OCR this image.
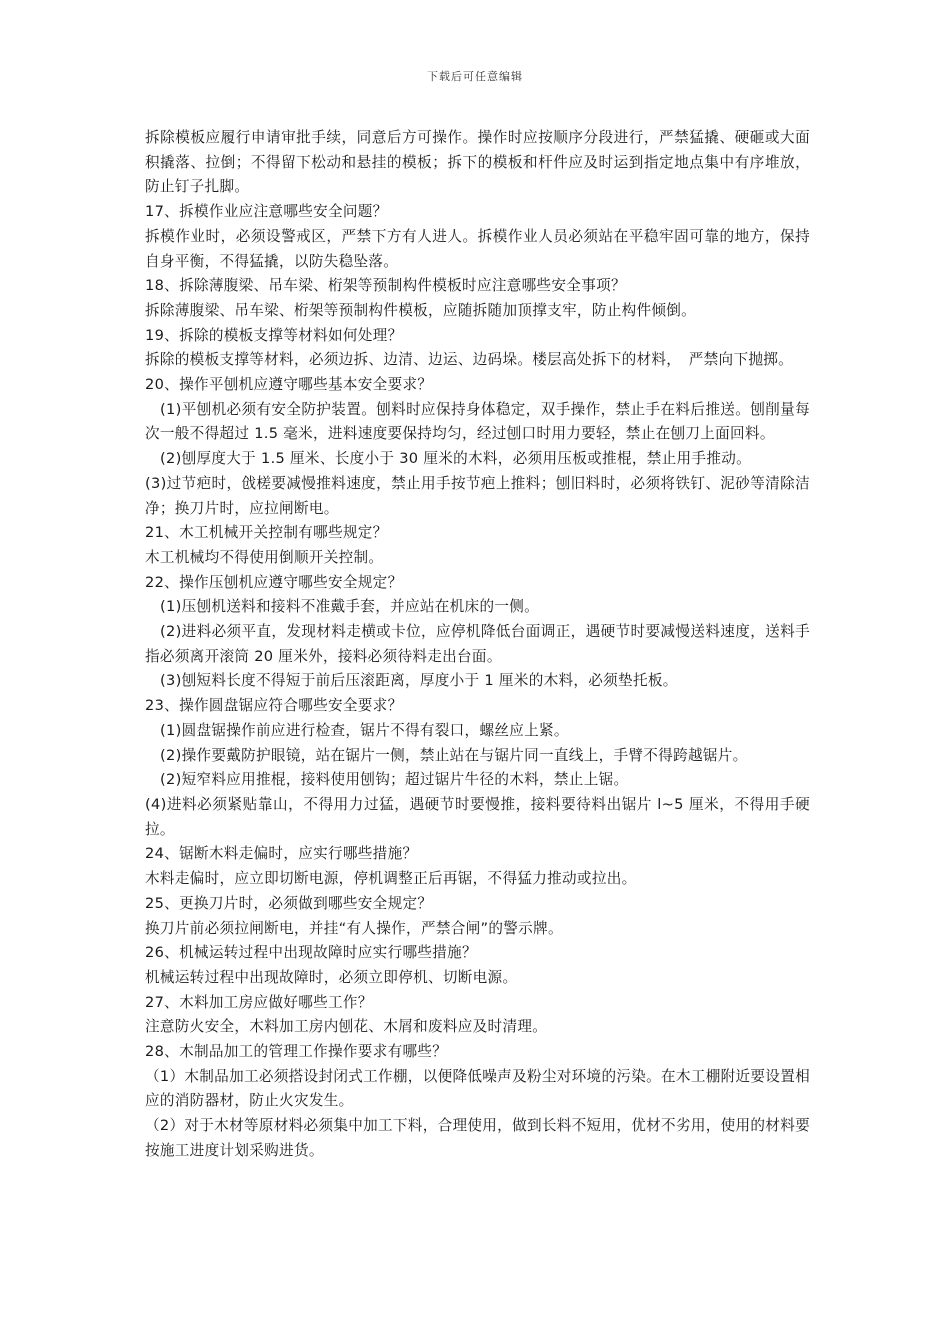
下载后可任意编辑

拆除模板应履行申请审批手续，同意后方可操作。操作时应按顺序分段进行，严禁猛撬、硬砸或大面积撬落、拉倒；不得留下松动和悬挂的模板；拆下的模板和杆件应及时运到指定地点集中有序堆放，防止钉子扎脚。

17、拆模作业应注意哪些安全问题？

拆模作业时，必须设警戒区，严禁下方有人进人。拆模作业人员必须站在平稳牢固可靠的地方，保持自身平衡，不得猛撬，以防失稳坠落。

18、拆除薄腹梁、吊车梁、桁架等预制构件模板时应注意哪些安全事项？

拆除薄腹梁、吊车梁、桁架等预制构件模板，应随拆随加顶撑支牢，防止构件倾倒。

19、拆除的模板支撑等材料如何处理？

拆除的模板支撑等材料，必须边拆、边清、边运、边码垛。楼层高处拆下的材料，　严禁向下抛掷。

20、操作平刨机应遵守哪些基本安全要求？

(1)平刨机必须有安全防护装置。刨料时应保持身体稳定，双手操作，禁止手在料后推送。刨削量每次一般不得超过 1.5 毫米，进料速度要保持均匀，经过刨口时用力要轻，禁止在刨刀上面回料。

(2)刨厚度大于 1.5 厘米、长度小于 30 厘米的木料，必须用压板或推棍，禁止用手推动。

(3)过节疤时，戗槎要减慢推料速度，禁止用手按节疤上推料；刨旧料时，必须将铁钉、泥砂等清除洁净；换刀片时，应拉闸断电。

21、木工机械开关控制有哪些规定？

木工机械均不得使用倒顺开关控制。

22、操作压刨机应遵守哪些安全规定？

(1)压刨机送料和接料不准戴手套，并应站在机床的一侧。

(2)进料必须平直，发现材料走横或卡位，应停机降低台面调正，遇硬节时要减慢送料速度，送料手指必须离开滚筒 20 厘米外，接料必须待料走出台面。

(3)刨短料长度不得短于前后压滚距离，厚度小于 1 厘米的木料，必须垫托板。

23、操作圆盘锯应符合哪些安全要求？

(1)圆盘锯操作前应进行检查，锯片不得有裂口，螺丝应上紧。

(2)操作要戴防护眼镜，站在锯片一侧，禁止站在与锯片同一直线上，手臂不得跨越锯片。

(2)短窄料应用推棍，接料使用刨钩；超过锯片牛径的木料，禁止上锯。

(4)进料必须紧贴靠山，不得用力过猛，遇硬节时要慢推，接料要待料出锯片 l~5 厘米，不得用手硬拉。

24、锯断木料走偏时，应实行哪些措施？

木料走偏时，应立即切断电源，停机调整正后再锯，不得猛力推动或拉出。

25、更换刀片时，必须做到哪些安全规定？

换刀片前必须拉闸断电，并挂“有人操作，严禁合闸”的警示牌。

26、机械运转过程中出现故障时应实行哪些措施？

机械运转过程中出现故障时，必须立即停机、切断电源。

27、木料加工房应做好哪些工作？

注意防火安全，木料加工房内刨花、木屑和废料应及时清理。

28、木制品加工的管理工作操作要求有哪些？

（1）木制品加工必须搭设封闭式工作棚，以便降低噪声及粉尘对环境的污染。在木工棚附近要设置相应的消防器材，防止火灾发生。

（2）对于木材等原材料必须集中加工下料，合理使用，做到长料不短用，优材不劣用，使用的材料要按施工进度计划采购进货。
